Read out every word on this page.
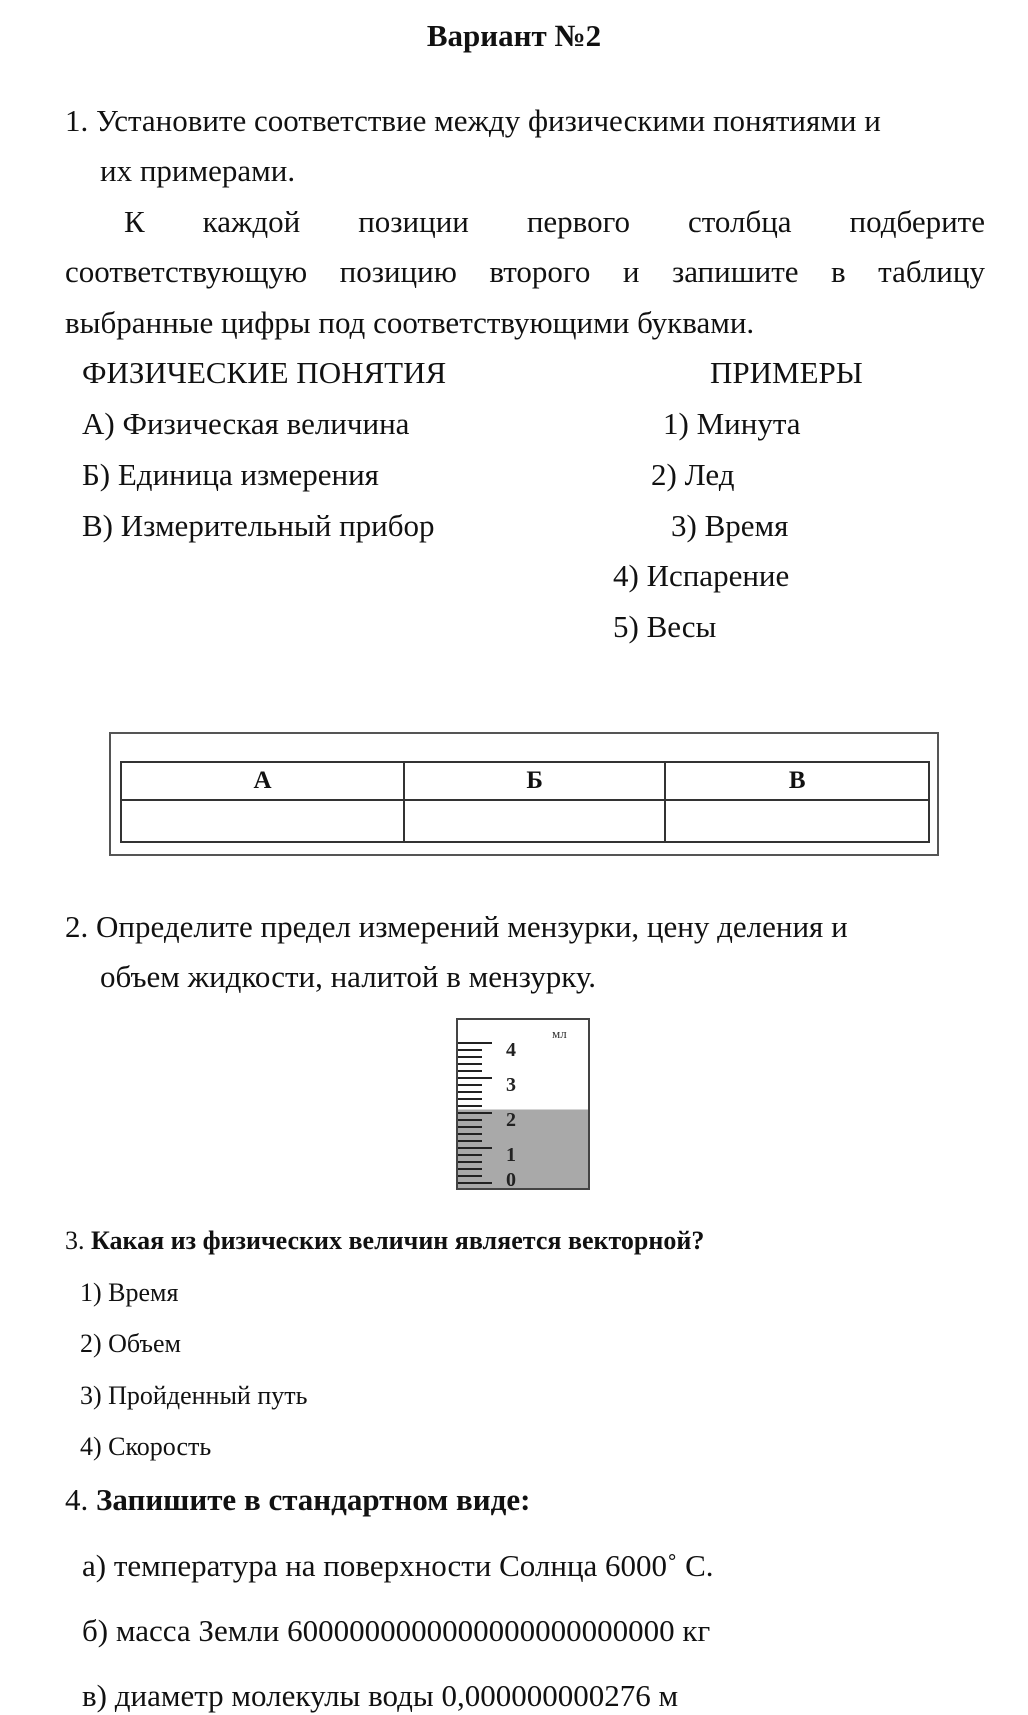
Вариант №2
1. Установите соответствие между физическими понятиями и
их примерами.
К каждой позиции первого столбца подберите
соответствующую позицию второго и запишите в таблицу
выбранные цифры под соответствующими буквами.
ФИЗИЧЕСКИЕ ПОНЯТИЯ	ПРИМЕРЫ
А) Физическая величина
Б) Единица измерения
В) Измерительный прибор
1) Минута
2) Лед
3) Время
4) Испарение
5) Весы
А	Б	В

2. Определите предел измерений мензурки, цену деления и
объем жидкости, налитой в мензурку.
мл
4
3
2
1
0
3. Какая из физических величин является векторной?
1) Время
2) Объем
3) Пройденный путь
4) Скорость
4. Запишите в стандартном виде:
а) температура на поверхности Солнца 6000˚ С.
б) масса Земли 6000000000000000000000000 кг
в) диаметр молекулы воды 0,000000000276 м
